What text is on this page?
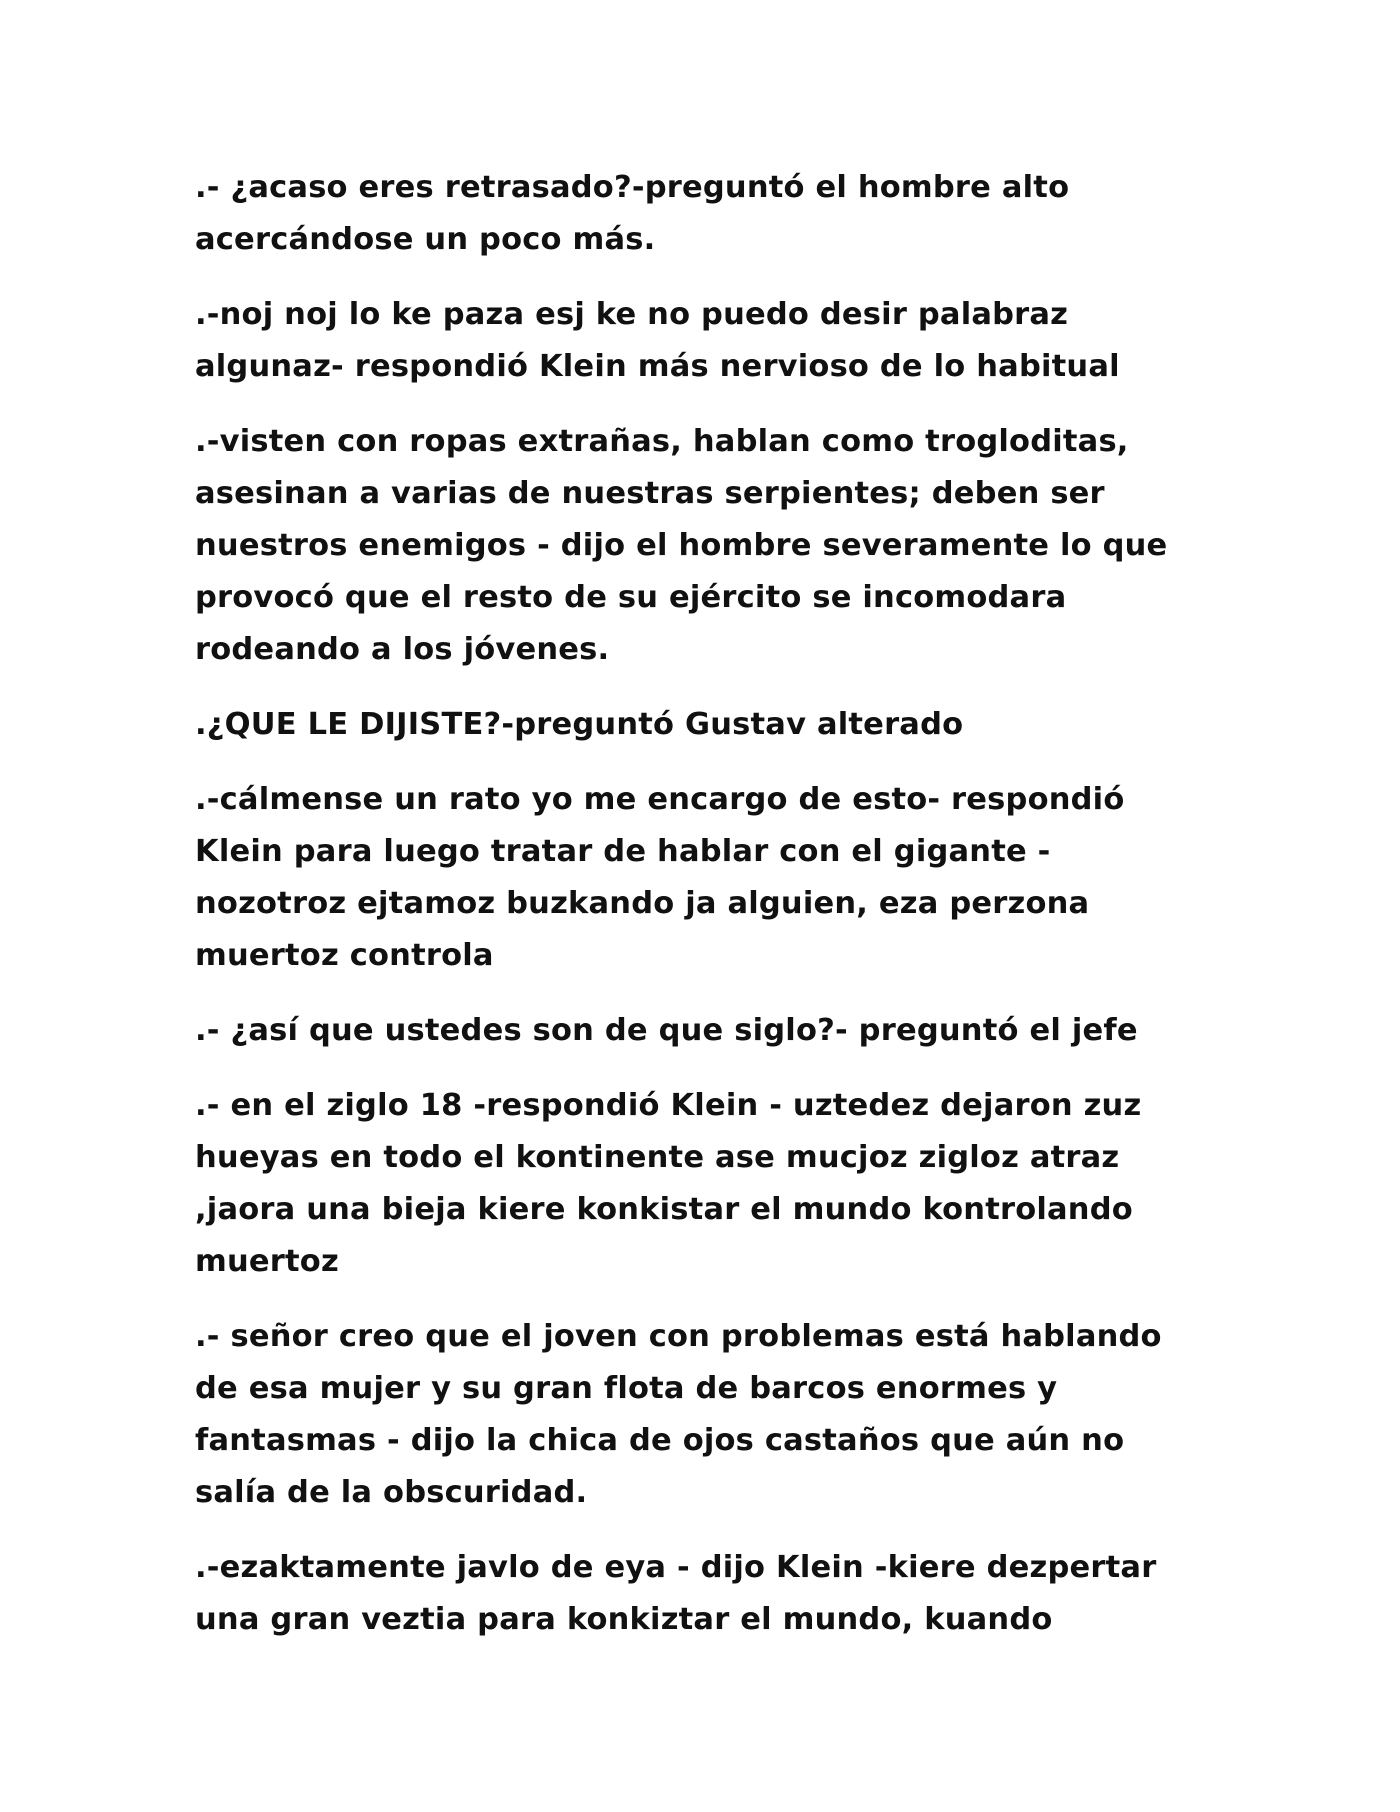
.- ¿acaso eres retrasado?-preguntó el hombre alto
acercándose un poco más.
.-noj noj lo ke paza esj ke no puedo desir palabraz
algunaz- respondió Klein más nervioso de lo habitual
.-visten con ropas extrañas, hablan como trogloditas,
asesinan a varias de nuestras serpientes; deben ser
nuestros enemigos - dijo el hombre severamente lo que
provocó que el resto de su ejército se incomodara
rodeando a los jóvenes.
.¿QUE LE DIJISTE?-preguntó Gustav alterado
.-cálmense un rato yo me encargo de esto- respondió
Klein para luego tratar de hablar con el gigante -
nozotroz ejtamoz buzkando ja alguien, eza perzona
muertoz controla
.- ¿así que ustedes son de que siglo?- preguntó el jefe
.- en el ziglo 18 -respondió Klein - uztedez dejaron zuz
hueyas en todo el kontinente ase mucjoz zigloz atraz
,jaora una bieja kiere konkistar el mundo kontrolando
muertoz
.- señor creo que el joven con problemas está hablando
de esa mujer y su gran flota de barcos enormes y
fantasmas - dijo la chica de ojos castaños que aún no
salía de la obscuridad.
.-ezaktamente javlo de eya - dijo Klein -kiere dezpertar
una gran veztia para konkiztar el mundo, kuando
